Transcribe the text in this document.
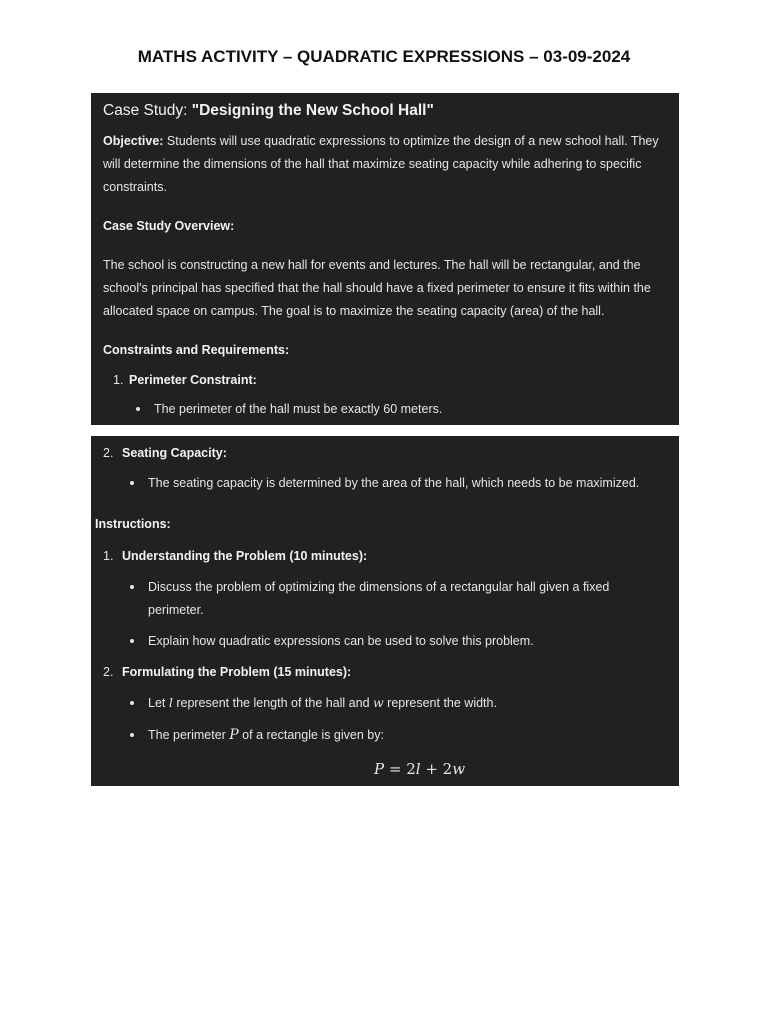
MATHS ACTIVITY – QUADRATIC EXPRESSIONS – 03-09-2024
Case Study: "Designing the New School Hall"
Objective: Students will use quadratic expressions to optimize the design of a new school hall. They
will determine the dimensions of the hall that maximize seating capacity while adhering to specific
constraints.
Case Study Overview:
The school is constructing a new hall for events and lectures. The hall will be rectangular, and the
school's principal has specified that the hall should have a fixed perimeter to ensure it fits within the
allocated space on campus. The goal is to maximize the seating capacity (area) of the hall.
Constraints and Requirements:
1. Perimeter Constraint:
The perimeter of the hall must be exactly 60 meters.
2. Seating Capacity:
The seating capacity is determined by the area of the hall, which needs to be maximized.
Instructions:
1. Understanding the Problem (10 minutes):
Discuss the problem of optimizing the dimensions of a rectangular hall given a fixed
perimeter.
Explain how quadratic expressions can be used to solve this problem.
2. Formulating the Problem (15 minutes):
Let l represent the length of the hall and w represent the width.
The perimeter P of a rectangle is given by:
P = 2l + 2w
